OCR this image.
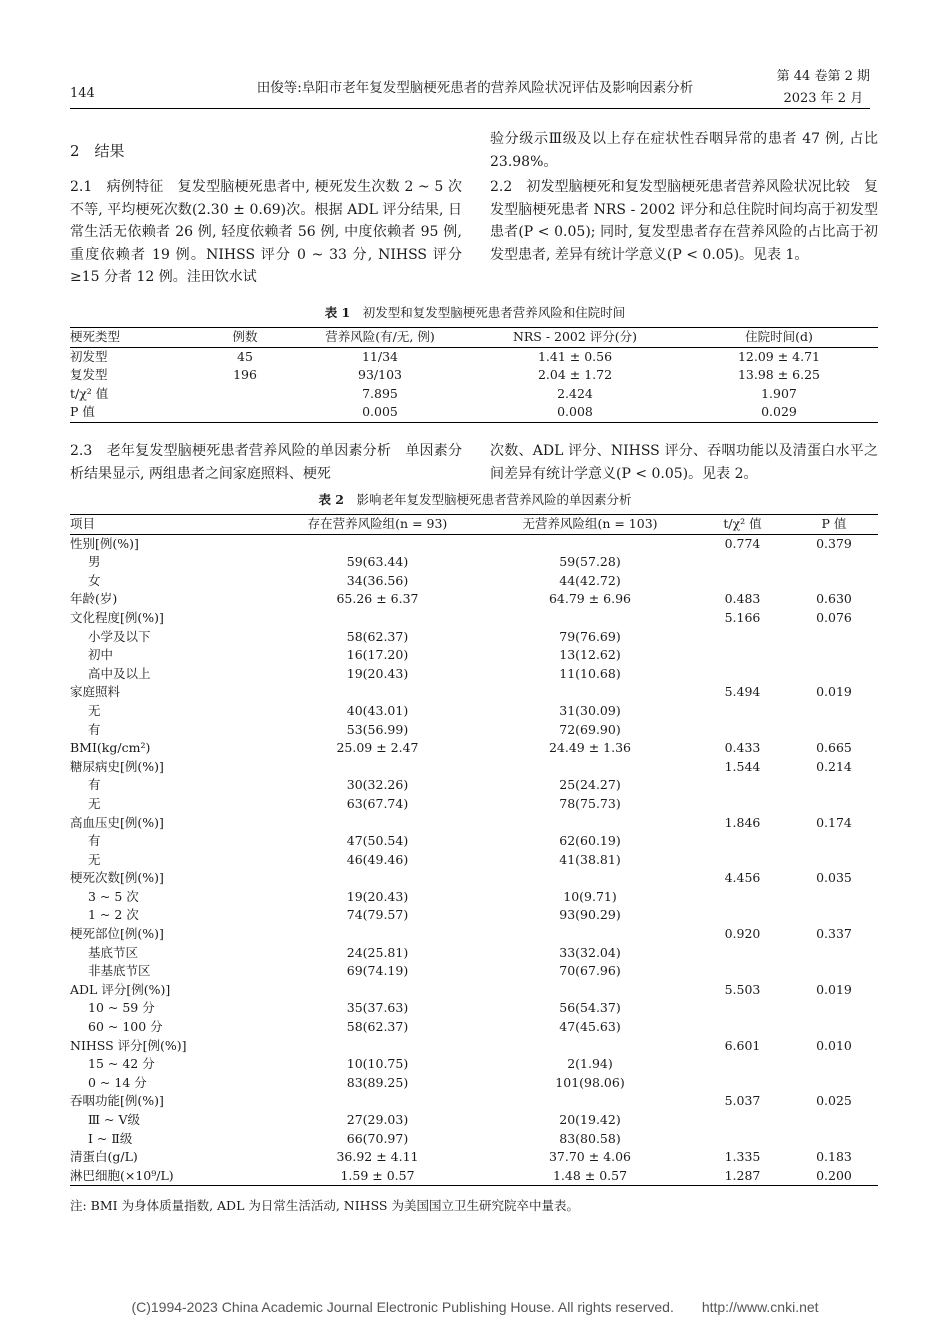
144	田俊等:阜阳市老年复发型脑梗死患者的营养风险状况评估及影响因素分析
第 44 卷第 2 期
2023 年 2 月
2　结果
2.1　病例特征　复发型脑梗死患者中, 梗死发生次数 2 ~ 5 次不等, 平均梗死次数(2.30 ± 0.69)次。根据 ADL 评分结果, 日常生活无依赖者 26 例, 轻度依赖者 56 例, 中度依赖者 95 例, 重度依赖者 19 例。NIHSS 评分 0 ~ 33 分, NIHSS 评分≥15 分者 12 例。洼田饮水试
验分级示Ⅲ级及以上存在症状性吞咽异常的患者 47 例, 占比 23.98%。
2.2　初发型脑梗死和复发型脑梗死患者营养风险状况比较　复发型脑梗死患者 NRS - 2002 评分和总住院时间均高于初发型患者(P < 0.05); 同时, 复发型患者存在营养风险的占比高于初发型患者, 差异有统计学意义(P < 0.05)。见表 1。
表 1　 初发型和复发型脑梗死患者营养风险和住院时间
梗死类型	例数	营养风险(有/无, 例)	NRS - 2002 评分(分)	住院时间(d)
初发型	45	11/34	1.41 ± 0.56	12.09 ± 4.71
复发型	196	93/103	2.04 ± 1.72	13.98 ± 6.25
t/χ² 值		7.895	2.424	1.907
P 值		0.005	0.008	0.029
2.3　老年复发型脑梗死患者营养风险的单因素分析　单因素分析结果显示, 两组患者之间家庭照料、梗死
次数、ADL 评分、NIHSS 评分、吞咽功能以及清蛋白水平之间差异有统计学意义(P < 0.05)。见表 2。
表 2　 影响老年复发型脑梗死患者营养风险的单因素分析
项目	存在营养风险组(n = 93)	无营养风险组(n = 103)	t/χ² 值	P 值
性别[例(%)]			0.774	0.379
男	59(63.44)	59(57.28)		
女	34(36.56)	44(42.72)		
年龄(岁)	65.26 ± 6.37	64.79 ± 6.96	0.483	0.630
文化程度[例(%)]			5.166	0.076
小学及以下	58(62.37)	79(76.69)		
初中	16(17.20)	13(12.62)		
高中及以上	19(20.43)	11(10.68)		
家庭照料			5.494	0.019
无	40(43.01)	31(30.09)		
有	53(56.99)	72(69.90)		
BMI(kg/cm²)	25.09 ± 2.47	24.49 ± 1.36	0.433	0.665
糖尿病史[例(%)]			1.544	0.214
有	30(32.26)	25(24.27)		
无	63(67.74)	78(75.73)		
高血压史[例(%)]			1.846	0.174
有	47(50.54)	62(60.19)		
无	46(49.46)	41(38.81)		
梗死次数[例(%)]			4.456	0.035
3 ~ 5 次	19(20.43)	10(9.71)		
1 ~ 2 次	74(79.57)	93(90.29)		
梗死部位[例(%)]			0.920	0.337
基底节区	24(25.81)	33(32.04)		
非基底节区	69(74.19)	70(67.96)		
ADL 评分[例(%)]			5.503	0.019
10 ~ 59 分	35(37.63)	56(54.37)		
60 ~ 100 分	58(62.37)	47(45.63)		
NIHSS 评分[例(%)]			6.601	0.010
15 ~ 42 分	10(10.75)	2(1.94)		
0 ~ 14 分	83(89.25)	101(98.06)		
吞咽功能[例(%)]			5.037	0.025
Ⅲ ~ Ⅴ级	27(29.03)	20(19.42)		
Ⅰ ~ Ⅱ级	66(70.97)	83(80.58)		
清蛋白(g/L)	36.92 ± 4.11	37.70 ± 4.06	1.335	0.183
淋巴细胞(×10⁹/L)	1.59 ± 0.57	1.48 ± 0.57	1.287	0.200
注: BMI 为身体质量指数, ADL 为日常生活活动, NIHSS 为美国国立卫生研究院卒中量表。
(C)1994-2023 China Academic Journal Electronic Publishing House. All rights reserved.　　http://www.cnki.net
